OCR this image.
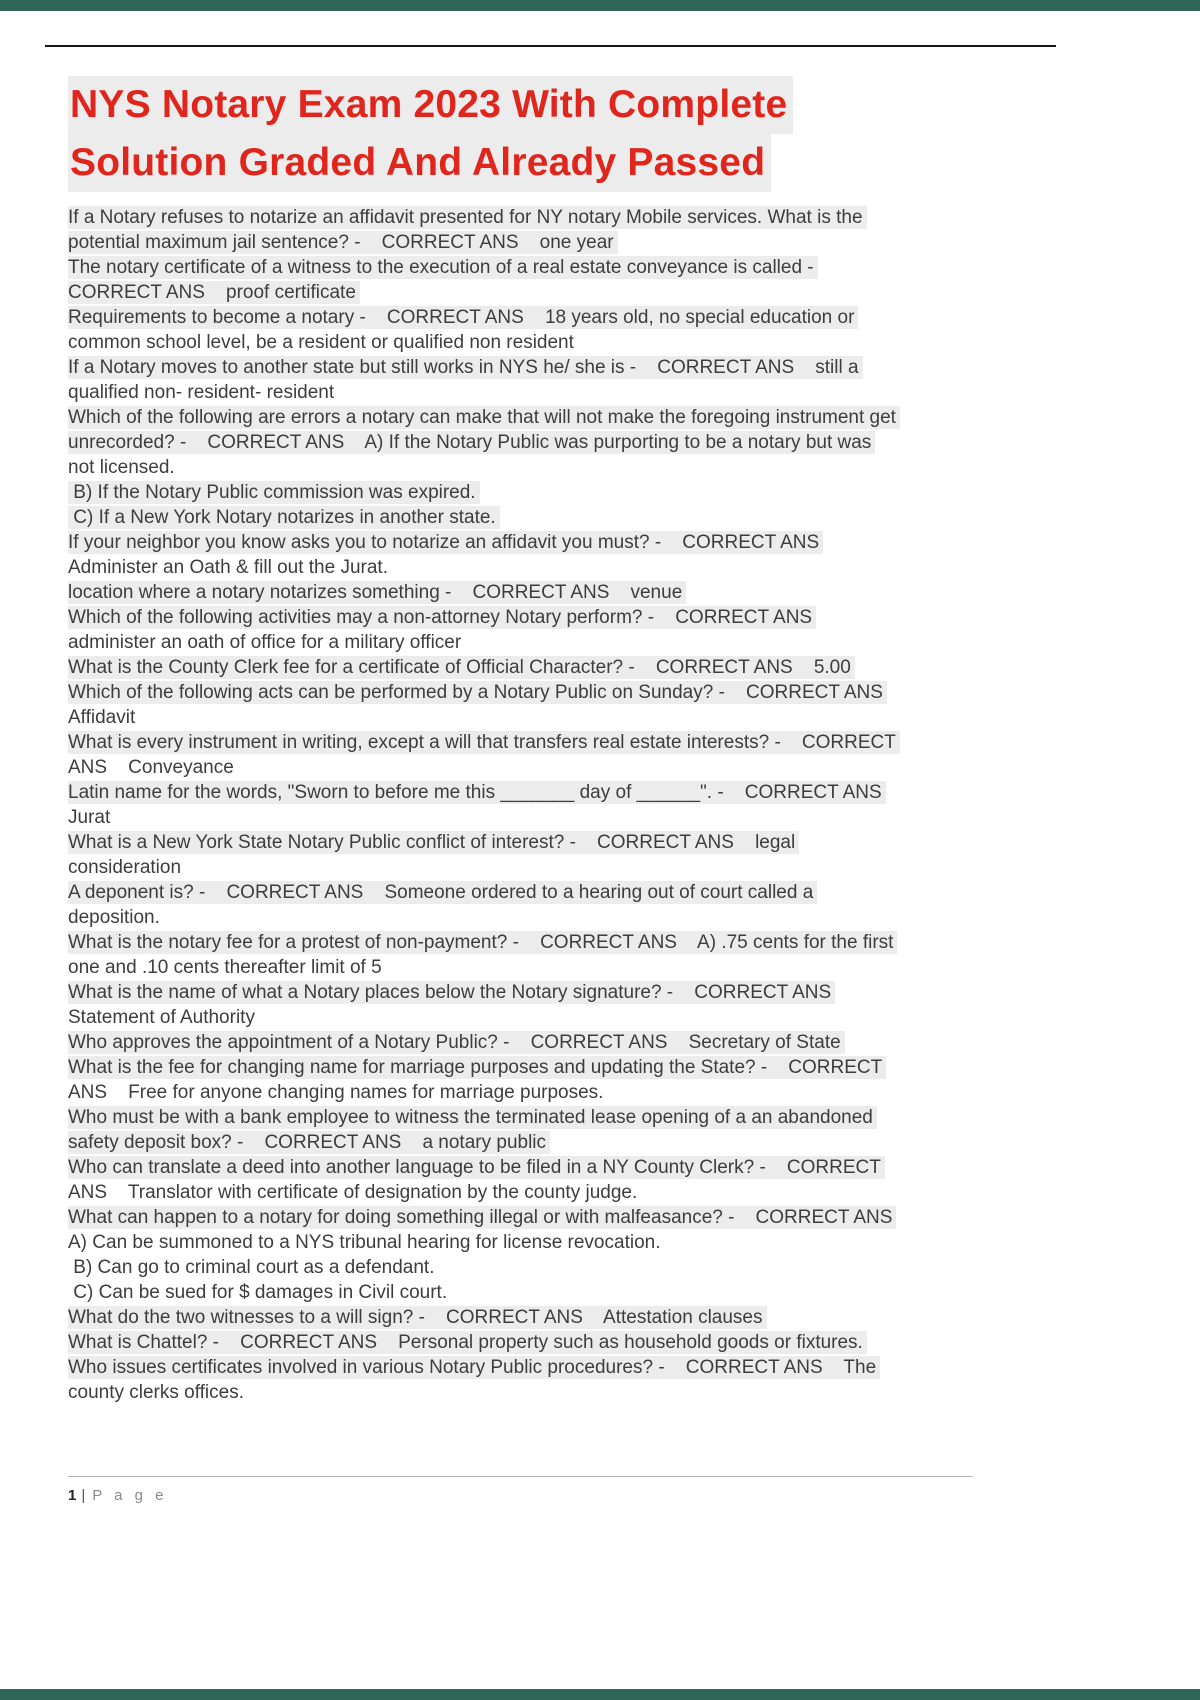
NYS Notary Exam 2023 With Complete
Solution Graded And Already Passed
If a Notary refuses to notarize an affidavit presented for NY notary Mobile services. What is the
potential maximum jail sentence? -    CORRECT ANS    one year
The notary certificate of a witness to the execution of a real estate conveyance is called -
CORRECT ANS    proof certificate
Requirements to become a notary -    CORRECT ANS    18 years old, no special education or
common school level, be a resident or qualified non resident
If a Notary moves to another state but still works in NYS he/ she is -    CORRECT ANS    still a
qualified non- resident- resident
Which of the following are errors a notary can make that will not make the foregoing instrument get
unrecorded? -    CORRECT ANS    A) If the Notary Public was purporting to be a notary but was
not licensed.
B) If the Notary Public commission was expired.
C) If a New York Notary notarizes in another state.
If your neighbor you know asks you to notarize an affidavit you must? -    CORRECT ANS
Administer an Oath & fill out the Jurat.
location where a notary notarizes something -    CORRECT ANS    venue
Which of the following activities may a non-attorney Notary perform? -    CORRECT ANS
administer an oath of office for a military officer
What is the County Clerk fee for a certificate of Official Character? -    CORRECT ANS    5.00
Which of the following acts can be performed by a Notary Public on Sunday? -    CORRECT ANS
Affidavit
What is every instrument in writing, except a will that transfers real estate interests? -    CORRECT
ANS    Conveyance
Latin name for the words, "Sworn to before me this _______ day of ______". -    CORRECT ANS
Jurat
What is a New York State Notary Public conflict of interest? -    CORRECT ANS    legal
consideration
A deponent is? -    CORRECT ANS    Someone ordered to a hearing out of court called a
deposition.
What is the notary fee for a protest of non-payment? -    CORRECT ANS    A) .75 cents for the first
one and .10 cents thereafter limit of 5
What is the name of what a Notary places below the Notary signature? -    CORRECT ANS
Statement of Authority
Who approves the appointment of a Notary Public? -    CORRECT ANS    Secretary of State
What is the fee for changing name for marriage purposes and updating the State? -    CORRECT
ANS    Free for anyone changing names for marriage purposes.
Who must be with a bank employee to witness the terminated lease opening of a an abandoned
safety deposit box? -    CORRECT ANS    a notary public
Who can translate a deed into another language to be filed in a NY County Clerk? -    CORRECT
ANS    Translator with certificate of designation by the county judge.
What can happen to a notary for doing something illegal or with malfeasance? -    CORRECT ANS
A) Can be summoned to a NYS tribunal hearing for license revocation.
B) Can go to criminal court as a defendant.
C) Can be sued for $ damages in Civil court.
What do the two witnesses to a will sign? -    CORRECT ANS    Attestation clauses
What is Chattel? -    CORRECT ANS    Personal property such as household goods or fixtures.
Who issues certificates involved in various Notary Public procedures? -    CORRECT ANS    The
county clerks offices.
1 | P a g e
